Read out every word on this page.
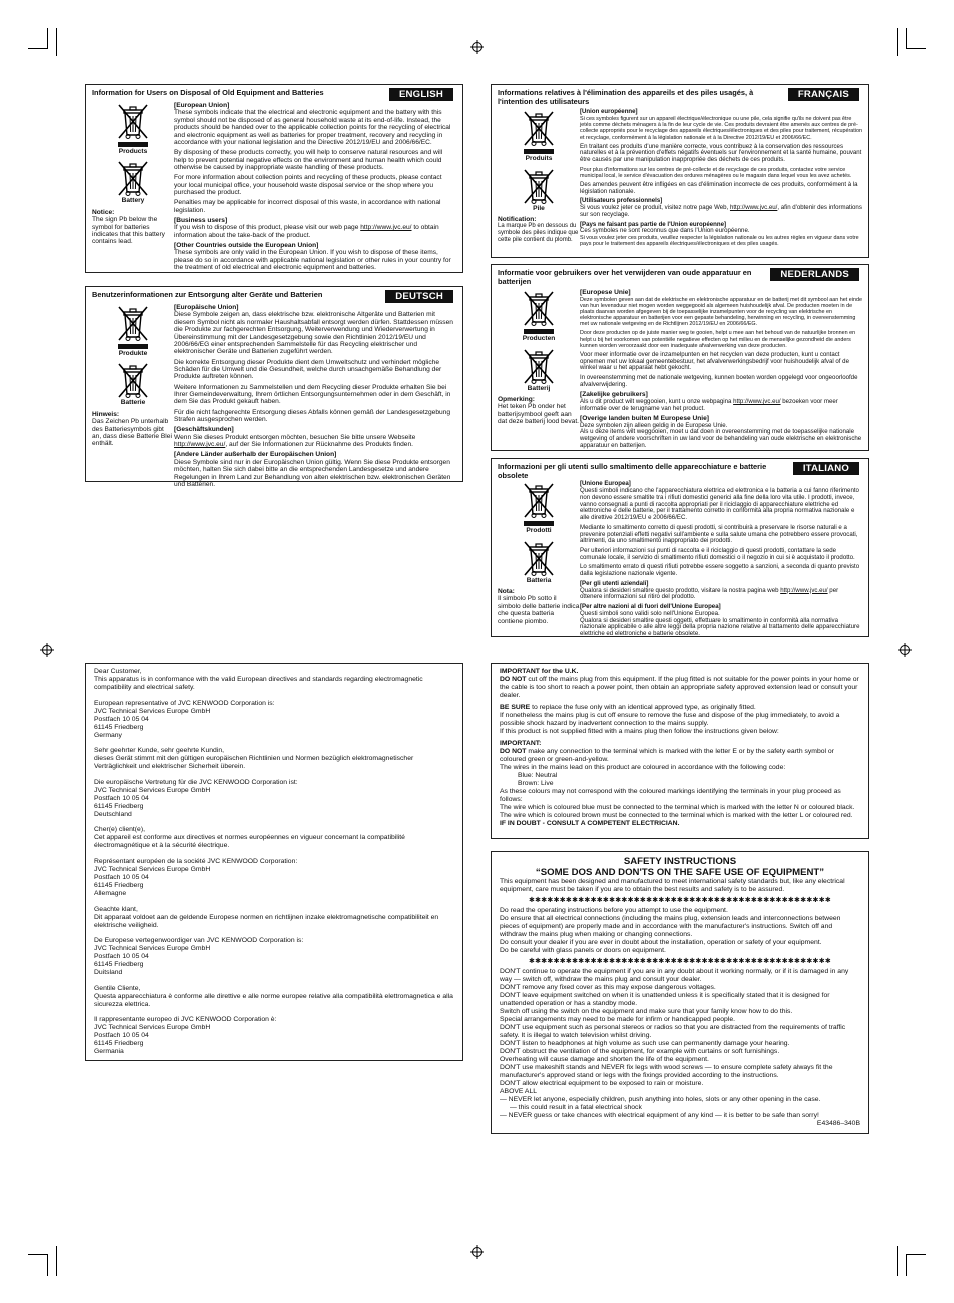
Information for Users on Disposal of Old Equipment and Batteries	ENGLISH
Products
Battery
Notice:
The sign Pb below the symbol for batteries indicates that this battery contains lead.
[European Union]

These symbols indicate that the electrical and electronic equipment and the battery with this symbol should not be disposed of as general household waste at its end-of-life. Instead, the products should be handed over to the applicable collection points for the recycling of electrical and electronic equipment as well as batteries for proper treatment, recovery and recycling in accordance with your national legislation and the Directive 2012/19/EU and 2006/66/EC.

By disposing of these products correctly, you will help to conserve natural resources and will help to prevent potential negative effects on the environment and human health which could otherwise be caused by inappropriate waste handling of these products.

For more information about collection points and recycling of these products, please contact your local municipal office, your household waste disposal service or the shop where you purchased the product.

Penalties may be applicable for incorrect disposal of this waste, in accordance with national legislation.

[Business users]

If you wish to dispose of this product, please visit our web page http://www.jvc.eu/ to obtain information about the take-back of the product.

[Other Countries outside the European Union]

These symbols are only valid in the European Union. If you wish to dispose of these items, please do so in accordance with applicable national legislation or other rules in your country for the treatment of old electrical and electronic equipment and batteries.

Benutzerinformationen zur Entsorgung alter Geräte und Batterien	DEUTSCH
Produkte
Batterie
Hinweis:
Das Zeichen Pb unterhalb des Batteriesymbols gibt an, dass diese Batterie Blei enthält.
[Europäische Union]

Diese Symbole zeigen an, dass elektrische bzw. elektronische Altgeräte und Batterien mit diesem Symbol nicht als normaler Haushaltsabfall entsorgt werden dürfen. Stattdessen müssen die Produkte zur fachgerechten Entsorgung, Weiterverwendung und Wiederverwertung in Übereinstimmung mit der Landesgesetzgebung sowie den Richtlinien 2012/19/EU und 2006/66/EG einer entsprechenden Sammelstelle für das Recycling elektrischer und elektronischer Geräte und Batterien zugeführt werden.

Die korrekte Entsorgung dieser Produkte dient dem Umweltschutz und verhindert mögliche Schäden für die Umwelt und die Gesundheit, welche durch unsachgemäße Behandlung der Produkte auftreten können.

Weitere Informationen zu Sammelstellen und dem Recycling dieser Produkte erhalten Sie bei Ihrer Gemeindeverwaltung, Ihrem örtlichen Entsorgungsunternehmen oder in dem Geschäft, in dem Sie das Produkt gekauft haben.

Für die nicht fachgerechte Entsorgung dieses Abfalls können gemäß der Landesgesetzgebung Strafen ausgesprochen werden.

[Geschäftskunden]

Wenn Sie dieses Produkt entsorgen möchten, besuchen Sie bitte unsere Webseite http://www.jvc.eu/, auf der Sie Informationen zur Rücknahme des Produkts finden.

[Andere Länder außerhalb der Europäischen Union]

Diese Symbole sind nur in der Europäischen Union gültig. Wenn Sie diese Produkte entsorgen möchten, halten Sie sich dabei bitte an die entsprechenden Landesgesetze und andere Regelungen in Ihrem Land zur Behandlung von alten elektrischen bzw. elektronischen Geräten und Batterien.

Informations relatives à l'élimination des appareils et des piles usagés, à l'intention des utilisateurs
FRANÇAIS
Produits
Pile
Notification:
La marque Pb en dessous du symbole des piles indique que cette pile contient du plomb.
[Union européenne]

Si ces symboles figurent sur un appareil électrique/électronique ou une pile, cela signifie qu'ils ne doivent pas être jetés comme déchets ménagers à la fin de leur cycle de vie. Ces produits devraient être amenés aux centres de pré-collecte appropriés pour le recyclage des appareils électriques/électroniques et des piles pour traitement, récupération et recyclage, conformément à la législation nationale et à la Directive 2012/19/EU et 2006/66/EC.

En traitant ces produits d'une manière correcte, vous contribuez à la conservation des ressources naturelles et à la prévention d'effets négatifs éventuels sur l'environnement et la santé humaine, pouvant être causés par une manipulation inappropriée des déchets de ces produits.

Pour plus d'informations sur les centres de pré-collecte et de recyclage de ces produits, contactez votre service municipal local, le service d'évacuation des ordures ménagères ou le magasin dans lequel vous les avez achetés.

Des amendes peuvent être infligées en cas d'élimination incorrecte de ces produits, conformément à la législation nationale.

[Utilisateurs professionnels]

Si vous voulez jeter ce produit, visitez notre page Web, http://www.jvc.eu/, afin d'obtenir des informations sur son recyclage.

[Pays ne faisant pas partie de l'Union européenne]
Ces symboles ne sont reconnus que dans l'Union européenne.

Si vous voulez jeter ces produits, veuillez respecter la législation nationale ou les autres règles en vigueur dans votre pays pour le traitement des appareils électriques/électroniques et des piles usagés.

Informatie voor gebruikers over het verwijderen van oude apparatuur en batterijen
NEDERLANDS
Producten
Batterij
Opmerking:
Het teken Pb onder het batterijsymbool geeft aan dat deze batterij lood bevat.
[Europese Unie]

Deze symbolen geven aan dat de elektrische en elektronische apparatuur en de batterij met dit symbool aan het einde van hun levensduur niet mogen worden weggegooid als algemeen huishoudelijk afval. De producten moeten in de plaats daarvan worden afgegeven bij de toepasselijke inzamelpunten voor de recycling van elektrische en elektronische apparatuur en batterijen voor een gepaste behandeling, herwinning en recycling, in overeenstemming met uw nationale wetgeving en de Richtlijnen 2012/19/EU en 2006/66/EG.

Door deze producten op de juiste manier weg te gooien, helpt u mee aan het behoud van de natuurlijke bronnen en helpt u bij het voorkomen van potentiële negatieve effecten op het milieu en de menselijke gezondheid die anders kunnen worden veroorzaakt door een inadequate afvalverwerking van deze producten.

Voor meer informatie over de inzamelpunten en het recyclen van deze producten, kunt u contact opnemen met uw lokaal gemeentebestuur, het afvalverwerkingsbedrijf voor huishoudelijk afval of de winkel waar u het apparaat hebt gekocht.

In overeenstemming met de nationale wetgeving, kunnen boeten worden opgelegd voor ongeoorloofde afvalverwijdering.

[Zakelijke gebruikers]

Als u dit product wilt weggooien, kunt u onze webpagina http://www.jvc.eu/ bezoeken voor meer informatie over de terugname van het product.

[Overige landen buiten M Europese Unie]
Deze symbolen zijn alleen geldig in de Europese Unie.

Als u deze items wilt weggooien, moet u dat doen in overeenstemming met de toepasselijke nationale wetgeving of andere voorschriften in uw land voor de behandeling van oude elektrische en elektronische apparatuur en batterijen.

Informazioni per gli utenti sullo smaltimento delle apparecchiature e batterie obsolete
ITALIANO
Prodotti
Batteria
Nota:
Il simbolo Pb sotto il simbolo delle batterie indica che questa batteria contiene piombo.
[Unione Europea]

Questi simboli indicano che l'apparecchiatura elettrica ed elettronica e la batteria a cui fanno riferimento non devono essere smaltite tra i rifiuti domestici generici alla fine della loro vita utile. I prodotti, invece, vanno consegnati a punti di raccolta appropriati per il riciclaggio di apparecchiature elettriche ed elettroniche e delle batterie, per il trattamento corretto in conformità alla propria normativa nazionale e alle direttive 2012/19/EU e 2006/66/EC.

Mediante lo smaltimento corretto di questi prodotti, si contribuirà a preservare le risorse naturali e a prevenire potenziali effetti negativi sull'ambiente e sulla salute umana che potrebbero essere provocati, altrimenti, da uno smaltimento inappropriato dei prodotti.

Per ulteriori informazioni sui punti di raccolta e il riciclaggio di questi prodotti, contattare la sede comunale locale, il servizio di smaltimento rifiuti domestici o il negozio in cui si è acquistato il prodotto.

Lo smaltimento errato di questi rifiuti potrebbe essere soggetto a sanzioni, a seconda di quanto previsto dalla legislazione nazionale vigente.

[Per gli utenti aziendali]

Qualora si desideri smaltire questo prodotto, visitare la nostra pagina web http://www.jvc.eu/ per ottenere informazioni sul ritiro del prodotto.

[Per altre nazioni al di fuori dell'Unione Europea]
Questi simboli sono validi solo nell'Unione Europea.

Qualora si desideri smaltire questi oggetti, effettuare lo smaltimento in conformità alla normativa nazionale applicabile o alle altre leggi della propria nazione relative al trattamento delle apparecchiature elettriche ed elettroniche e batterie obsolete.

Dear Customer,
This apparatus is in conformance with the valid European directives and standards regarding electromagnetic compatibility and electrical safety.
European representative of JVC KENWOOD Corporation is:
JVC Technical Services Europe GmbH
Postfach 10 05 04
61145 Friedberg
Germany
Sehr geehrter Kunde, sehr geehrte Kundin,
dieses Gerät stimmt mit den gültigen europäischen Richtlinien und Normen bezüglich elektromagnetischer Verträglichkeit und elektrischer Sicherheit überein.
Die europäische Vertretung für die JVC KENWOOD Corporation ist:
JVC Technical Services Europe GmbH
Postfach 10 05 04
61145 Friedberg
Deutschland
Cher(e) client(e),
Cet appareil est conforme aux directives et normes européennes en vigueur concernant la compatibilité électromagnétique et à la sécurité électrique.
Représentant européen de la société JVC KENWOOD Corporation:
JVC Technical Services Europe GmbH
Postfach 10 05 04
61145 Friedberg
Allemagne
Geachte klant,
Dit apparaat voldoet aan de geldende Europese normen en richtlijnen inzake elektromagnetische compatibiliteit en elektrische veiligheid.
De Europese vertegenwoordiger van JVC KENWOOD Corporation is:
JVC Technical Services Europe GmbH
Postfach 10 05 04
61145 Friedberg
Duitsland
Gentile Cliente,
Questa apparecchiatura è conforme alle direttive e alle norme europee relative alla compatibilità elettromagnetica e alla sicurezza elettrica.
Il rappresentante europeo di JVC KENWOOD Corporation è:
JVC Technical Services Europe GmbH
Postfach 10 05 04
61145 Friedberg
Germania
IMPORTANT for the U.K.
DO NOT cut off the mains plug from this equipment. If the plug fitted is not suitable for the power points in your home or the cable is too short to reach a power point, then obtain an appropriate safety approved extension lead or consult your dealer.
BE SURE to replace the fuse only with an identical approved type, as originally fitted.
If nonetheless the mains plug is cut off ensure to remove the fuse and dispose of the plug immediately, to avoid a possible shock hazard by inadvertent connection to the mains supply.
If this product is not supplied fitted with a mains plug then follow the instructions given below:
IMPORTANT:
DO NOT make any connection to the terminal which is marked with the letter E or by the safety earth symbol or coloured green or green-and-yellow.
The wires in the mains lead on this product are coloured in accordance with the following code:
Blue: Neutral
Brown: Live
As these colours may not correspond with the coloured markings identifying the terminals in your plug proceed as follows:
The wire which is coloured blue must be connected to the terminal which is marked with the letter N or coloured black.
The wire which is coloured brown must be connected to the terminal which is marked with the letter L or coloured red.
IF IN DOUBT - CONSULT A COMPETENT ELECTRICIAN.
SAFETY INSTRUCTIONS
“SOME DOS AND DON'TS ON THE SAFE USE OF EQUIPMENT”
This equipment has been designed and manufactured to meet international safety standards but, like any electrical equipment, care must be taken if you are to obtain the best results and safety is to be assured.
✱✱✱✱✱✱✱✱✱✱✱✱✱✱✱✱✱✱✱✱✱✱✱✱✱✱✱✱✱✱✱✱✱✱✱✱✱✱✱✱✱✱✱✱✱✱✱✱✱
Do read the operating instructions before you attempt to use the equipment.
Do ensure that all electrical connections (including the mains plug, extension leads and interconnections between pieces of equipment) are properly made and in accordance with the manufacturer's instructions. Switch off and withdraw the mains plug when making or changing connections.
Do consult your dealer if you are ever in doubt about the installation, operation or safety of your equipment.
Do be careful with glass panels or doors on equipment.
✱✱✱✱✱✱✱✱✱✱✱✱✱✱✱✱✱✱✱✱✱✱✱✱✱✱✱✱✱✱✱✱✱✱✱✱✱✱✱✱✱✱✱✱✱✱✱✱✱
DON'T continue to operate the equipment if you are in any doubt about it working normally, or if it is damaged in any way — switch off, withdraw the mains plug and consult your dealer.
DON'T remove any fixed cover as this may expose dangerous voltages.
DON'T leave equipment switched on when it is unattended unless it is specifically stated that it is designed for unattended operation or has a standby mode.
Switch off using the switch on the equipment and make sure that your family know how to do this.
Special arrangements may need to be made for infirm or handicapped people.
DON'T use equipment such as personal stereos or radios so that you are distracted from the requirements of traffic safety. It is illegal to watch television whilst driving.
DON'T listen to headphones at high volume as such use can permanently damage your hearing.
DON'T obstruct the ventilation of the equipment, for example with curtains or soft furnishings.
Overheating will cause damage and shorten the life of the equipment.
DON'T use makeshift stands and NEVER fix legs with wood screws — to ensure complete safety always fit the manufacturer's approved stand or legs with the fixings provided according to the instructions.
DON'T allow electrical equipment to be exposed to rain or moisture.
ABOVE ALL
— NEVER let anyone, especially children, push anything into holes, slots or any other opening in the case.
— this could result in a fatal electrical shock
— NEVER guess or take chances with electrical equipment of any kind — it is better to be safe than sorry!
E43486–340B
